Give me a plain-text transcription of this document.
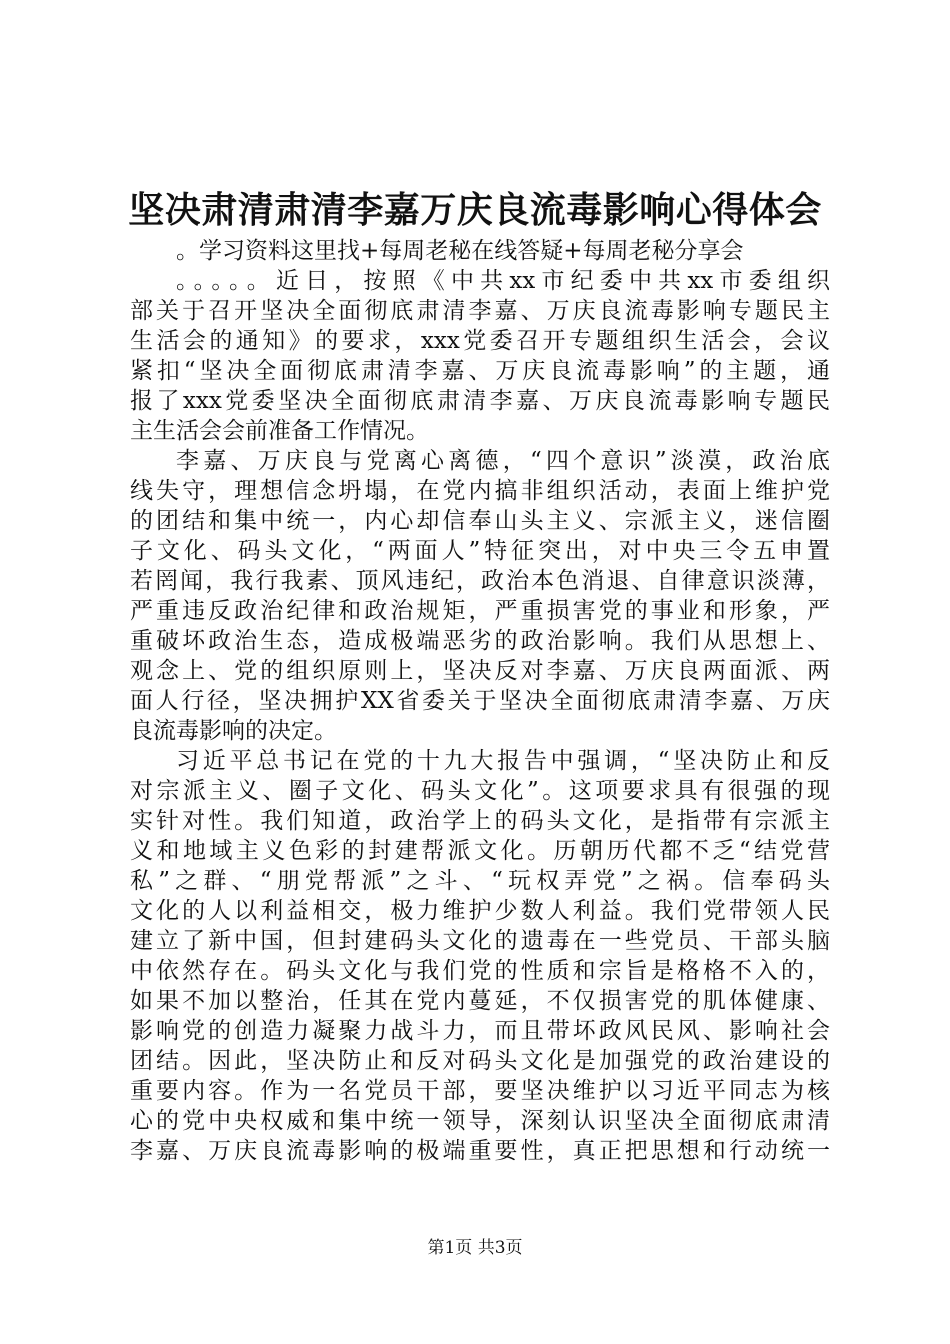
坚决肃清肃清李嘉万庆良流毒影响心得体会
。学习资料这里找+每周老秘在线答疑+每周老秘分享会
。。。。。近日，按照《中共xx市纪委中共xx市委组织
部关于召开坚决全面彻底肃清李嘉、万庆良流毒影响专题民主
生活会的通知》的要求，xxx党委召开专题组织生活会，会议
紧扣“坚决全面彻底肃清李嘉、万庆良流毒影响”的主题，通
报了xxx党委坚决全面彻底肃清李嘉、万庆良流毒影响专题民
主生活会会前准备工作情况。
李嘉、万庆良与党离心离德，“四个意识”淡漠，政治底
线失守，理想信念坍塌，在党内搞非组织活动，表面上维护党
的团结和集中统一，内心却信奉山头主义、宗派主义，迷信圈
子文化、码头文化，“两面人”特征突出，对中央三令五申置
若罔闻，我行我素、顶风违纪，政治本色消退、自律意识淡薄，
严重违反政治纪律和政治规矩，严重损害党的事业和形象，严
重破坏政治生态，造成极端恶劣的政治影响。我们从思想上、
观念上、党的组织原则上，坚决反对李嘉、万庆良两面派、两
面人行径，坚决拥护XX省委关于坚决全面彻底肃清李嘉、万庆
良流毒影响的决定。
习近平总书记在党的十九大报告中强调，“坚决防止和反
对宗派主义、圈子文化、码头文化”。这项要求具有很强的现
实针对性。我们知道，政治学上的码头文化，是指带有宗派主
义和地域主义色彩的封建帮派文化。历朝历代都不乏“结党营
私”之群、“朋党帮派”之斗、“玩权弄党”之祸。信奉码头
文化的人以利益相交，极力维护少数人利益。我们党带领人民
建立了新中国，但封建码头文化的遗毒在一些党员、干部头脑
中依然存在。码头文化与我们党的性质和宗旨是格格不入的，
如果不加以整治，任其在党内蔓延，不仅损害党的肌体健康、
影响党的创造力凝聚力战斗力，而且带坏政风民风、影响社会
团结。因此，坚决防止和反对码头文化是加强党的政治建设的
重要内容。作为一名党员干部，要坚决维护以习近平同志为核
心的党中央权威和集中统一领导，深刻认识坚决全面彻底肃清
李嘉、万庆良流毒影响的极端重要性，真正把思想和行动统一
第1页 共3页
